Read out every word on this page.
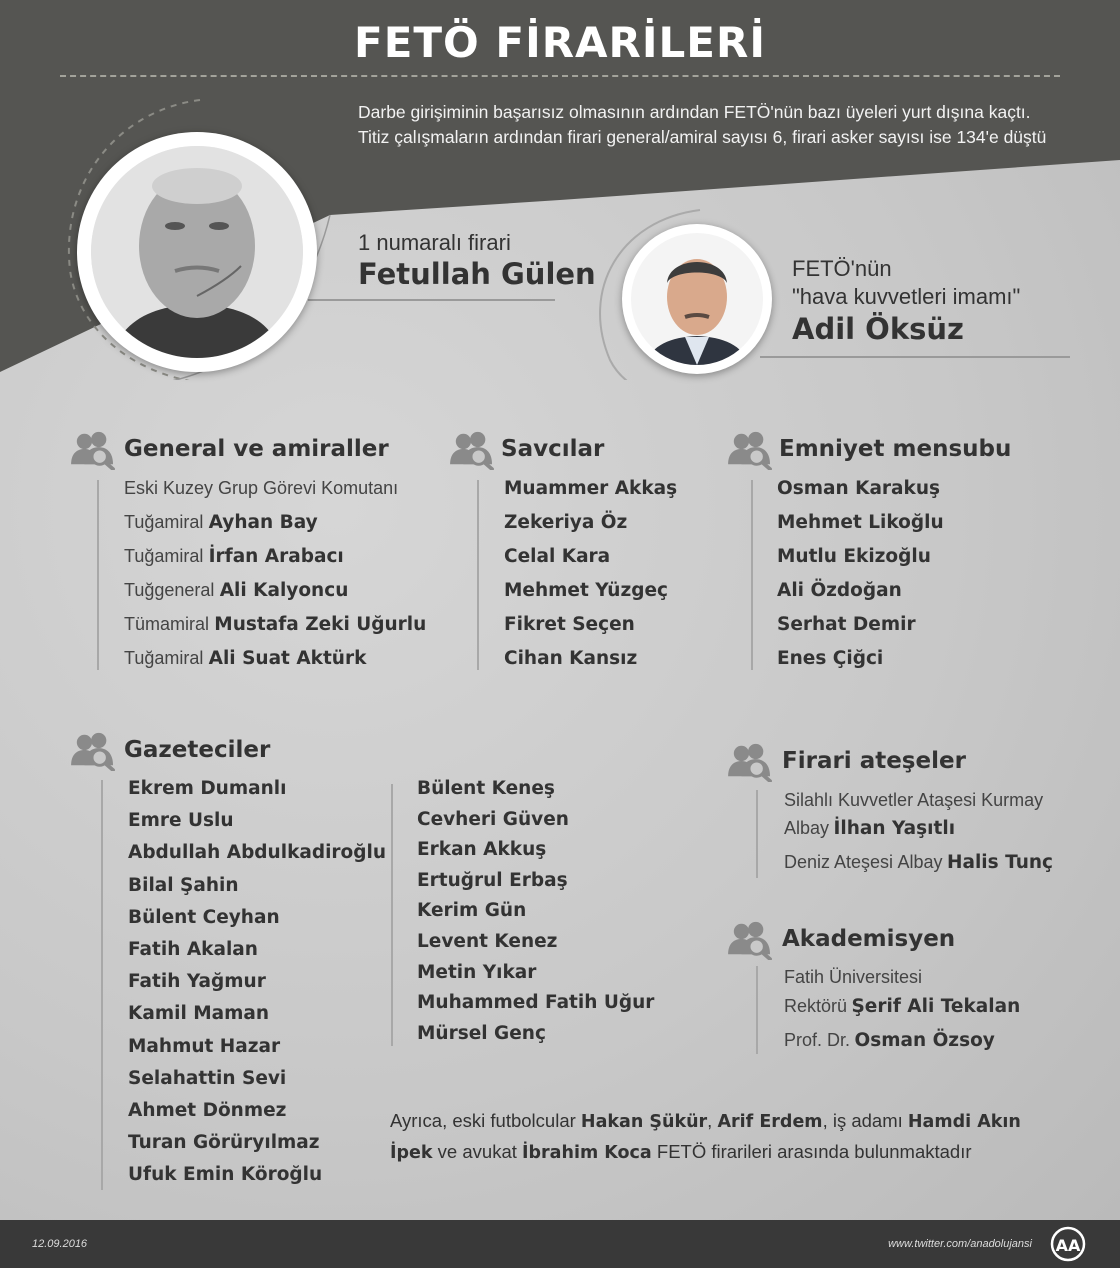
FETÖ FİRARİLERİ
Darbe girişiminin başarısız olmasının ardından FETÖ'nün bazı üyeleri yurt dışına kaçtı. Titiz çalışmaların ardından firari general/amiral sayısı 6, firari asker sayısı ise 134'e düştü
1 numaralı firari
Fetullah Gülen	FETÖ'nün
"hava kuvvetleri imamı"
Adil Öksüz
General ve amiraller
Eski Kuzey Grup Görevi Komutanı
Tuğamiral Ayhan Bay
Tuğamiral İrfan Arabacı
Tuğgeneral Ali Kalyoncu
Tümamiral Mustafa Zeki Uğurlu
Tuğamiral Ali Suat Aktürk
Savcılar
Muammer Akkaş
Zekeriya Öz
Celal Kara
Mehmet Yüzgeç
Fikret Seçen
Cihan Kansız
Emniyet mensubu
Osman Karakuş
Mehmet Likoğlu
Mutlu Ekizoğlu
Ali Özdoğan
Serhat Demir
Enes Çiğci
Gazeteciler
Ekrem Dumanlı
Emre Uslu
Abdullah Abdulkadiroğlu
Bilal Şahin
Bülent Ceyhan
Fatih Akalan
Fatih Yağmur
Kamil Maman
Mahmut Hazar
Selahattin Sevi
Ahmet Dönmez
Turan Görüryılmaz
Ufuk Emin Köroğlu
Bülent Keneş
Cevheri Güven
Erkan Akkuş
Ertuğrul Erbaş
Kerim Gün
Levent Kenez
Metin Yıkar
Muhammed Fatih Uğur
Mürsel Genç
Firari ateşeler
Silahlı Kuvvetler Ataşesi Kurmay
Albay İlhan Yaşıtlı
Deniz Ateşesi Albay Halis Tunç
Akademisyen
Fatih Üniversitesi
Rektörü Şerif Ali Tekalan
Prof. Dr. Osman Özsoy
Ayrıca, eski futbolcular Hakan Şükür, Arif Erdem, iş adamı Hamdi Akın İpek ve avukat İbrahim Koca FETÖ firarileri arasında bulunmaktadır
12.09.2016	www.twitter.com/anadolujansi AA
